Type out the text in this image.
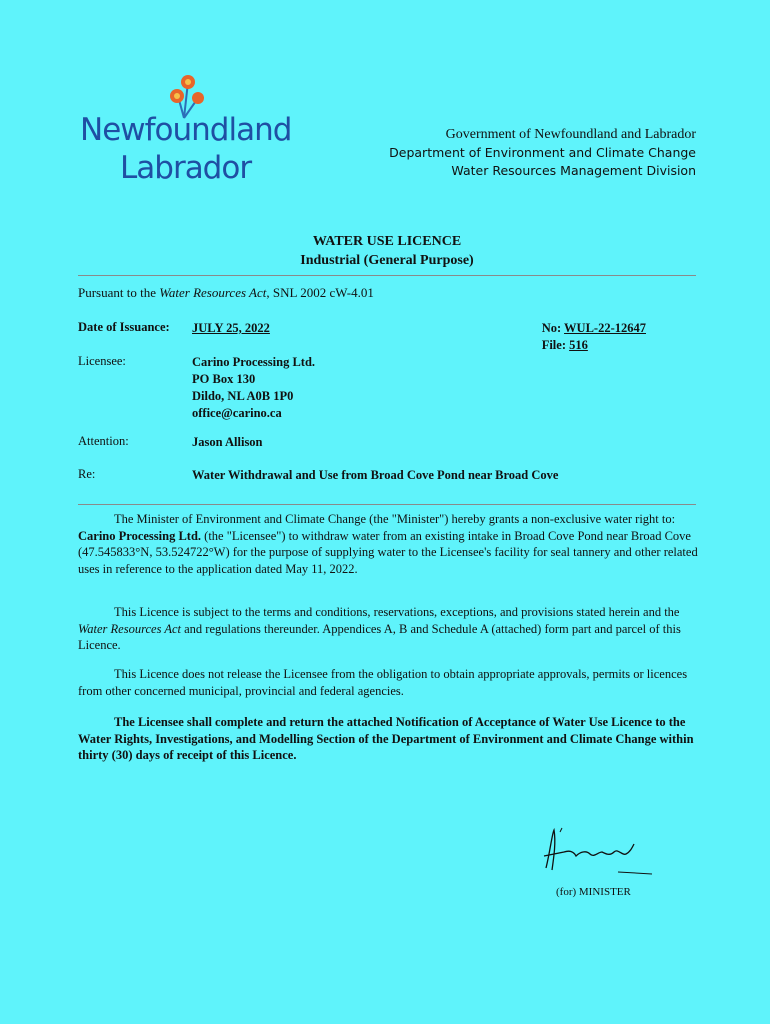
Newfoundland
Labrador
Government of Newfoundland and Labrador
Department of Environment and Climate Change
Water Resources Management Division
WATER USE LICENCE
Industrial (General Purpose)
Pursuant to the Water Resources Act, SNL 2002 cW-4.01
Date of Issuance: JULY 25, 2022	No: WUL-22-12647
File: 516
Licensee:	Carino Processing Ltd.
PO Box 130
Dildo, NL A0B 1P0
office@carino.ca
Attention:	Jason Allison
Re:	Water Withdrawal and Use from Broad Cove Pond near Broad Cove
The Minister of Environment and Climate Change (the "Minister") hereby grants a non-exclusive water right to: Carino Processing Ltd. (the "Licensee") to withdraw water from an existing intake in Broad Cove Pond near Broad Cove (47.545833°N, 53.524722°W) for the purpose of supplying water to the Licensee's facility for seal tannery and other related uses in reference to the application dated May 11, 2022.
This Licence is subject to the terms and conditions, reservations, exceptions, and provisions stated herein and the Water Resources Act and regulations thereunder. Appendices A, B and Schedule A (attached) form part and parcel of this Licence.
This Licence does not release the Licensee from the obligation to obtain appropriate approvals, permits or licences from other concerned municipal, provincial and federal agencies.
The Licensee shall complete and return the attached Notification of Acceptance of Water Use Licence to the Water Rights, Investigations, and Modelling Section of the Department of Environment and Climate Change within thirty (30) days of receipt of this Licence.
(for) MINISTER
